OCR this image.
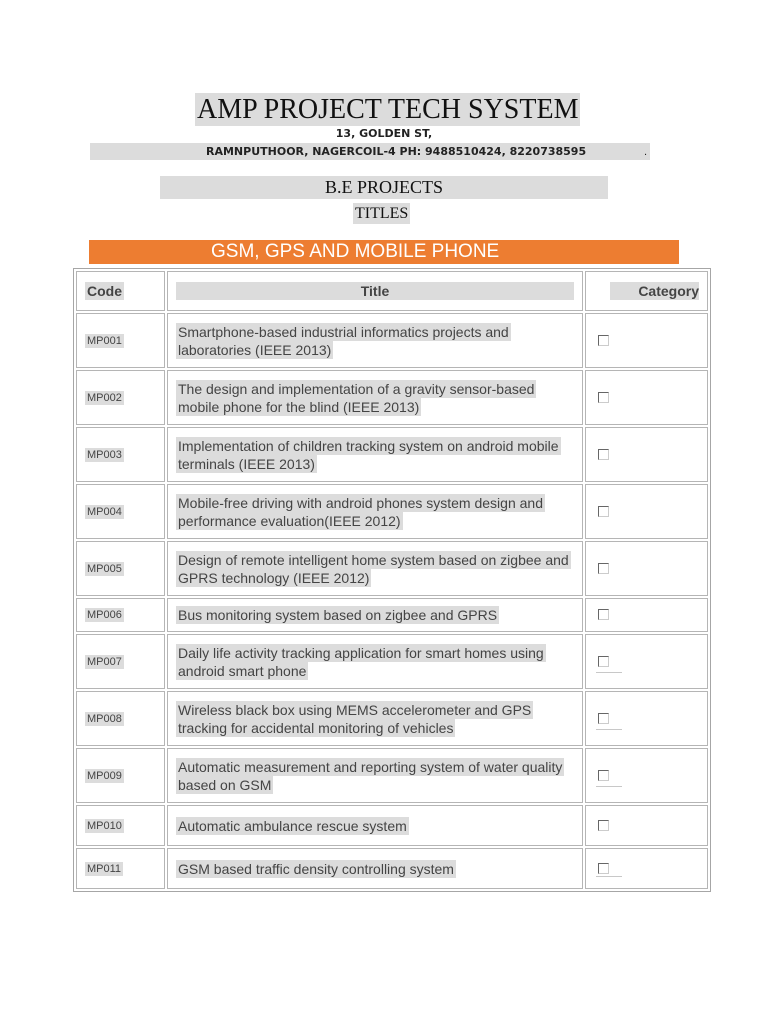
AMP PROJECT TECH SYSTEM
13, GOLDEN ST,
RAMNPUTHOOR, NAGERCOIL-4 PH: 9488510424, 8220738595	.
B.E PROJECTS
TITLES
GSM, GPS AND MOBILE PHONE
Code	Title	Category
MP001	Smartphone-based industrial informatics projects and laboratories (IEEE 2013)	
MP002	The design and implementation of a gravity sensor-based mobile phone for the blind (IEEE 2013)	
MP003	Implementation of children tracking system on android mobile terminals (IEEE 2013)	
MP004	Mobile-free driving with android phones system design and performance evaluation(IEEE 2012)	
MP005	Design of remote intelligent home system based on zigbee and GPRS technology (IEEE 2012)	
MP006	Bus monitoring system based on zigbee and GPRS	
MP007	Daily life activity tracking application for smart homes using android smart phone	

MP008	Wireless black box using MEMS accelerometer and GPS tracking for accidental monitoring of vehicles	

MP009	Automatic measurement and reporting system of water quality based on GSM	

MP010	Automatic ambulance rescue system	
MP011	GSM based traffic density controlling system	
